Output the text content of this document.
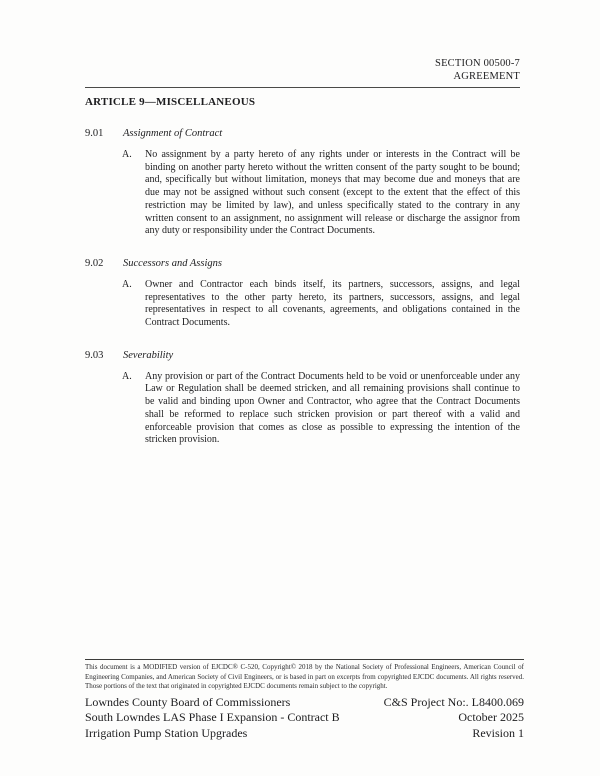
SECTION 00500-7
AGREEMENT
ARTICLE 9—MISCELLANEOUS
9.01	Assignment of Contract
A.	No assignment by a party hereto of any rights under or interests in the Contract will be binding on another party hereto without the written consent of the party sought to be bound; and, specifically but without limitation, moneys that may become due and moneys that are due may not be assigned without such consent (except to the extent that the effect of this restriction may be limited by law), and unless specifically stated to the contrary in any written consent to an assignment, no assignment will release or discharge the assignor from any duty or responsibility under the Contract Documents.
9.02	Successors and Assigns
A.	Owner and Contractor each binds itself, its partners, successors, assigns, and legal representatives to the other party hereto, its partners, successors, assigns, and legal representatives in respect to all covenants, agreements, and obligations contained in the Contract Documents.
9.03	Severability
A.	Any provision or part of the Contract Documents held to be void or unenforceable under any Law or Regulation shall be deemed stricken, and all remaining provisions shall continue to be valid and binding upon Owner and Contractor, who agree that the Contract Documents shall be reformed to replace such stricken provision or part thereof with a valid and enforceable provision that comes as close as possible to expressing the intention of the stricken provision.
This document is a MODIFIED version of EJCDC® C-520, Copyright© 2018 by the National Society of Professional Engineers, American Council of Engineering Companies, and American Society of Civil Engineers, or is based in part on excerpts from copyrighted EJCDC documents. All rights reserved. Those portions of the text that originated in copyrighted EJCDC documents remain subject to the copyright.
Lowndes County Board of Commissioners
South Lowndes LAS Phase I Expansion - Contract B
Irrigation Pump Station Upgrades
C&S Project No:. L8400.069
October 2025
Revision 1
